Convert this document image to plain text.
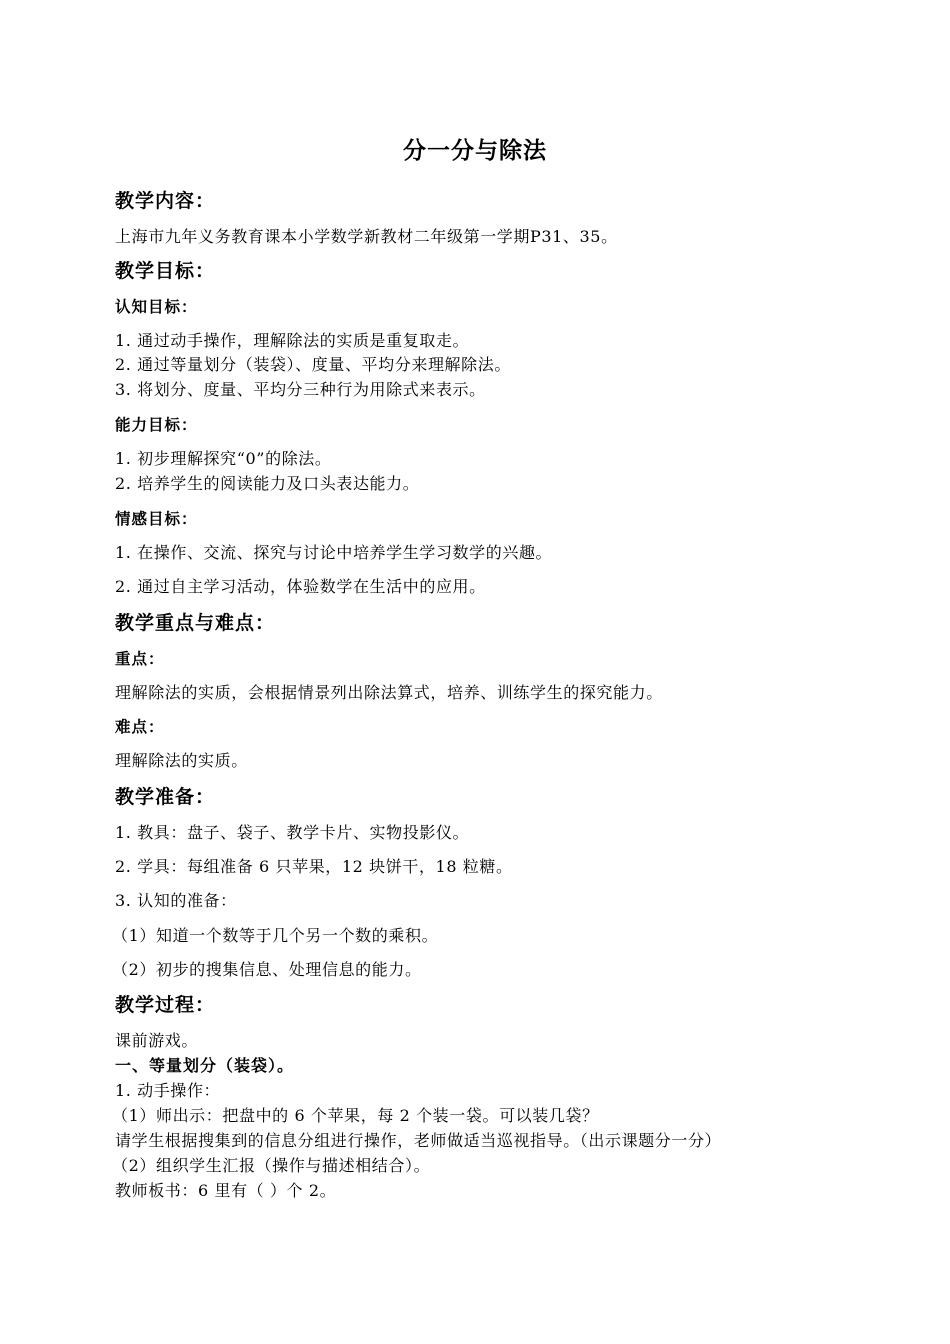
分一分与除法
教学内容：
上海市九年义务教育课本小学数学新教材二年级第一学期P31、35。
教学目标：
认知目标：
1. 通过动手操作，理解除法的实质是重复取走。
2. 通过等量划分（装袋）、度量、平均分来理解除法。
3. 将划分、度量、平均分三种行为用除式来表示。
能力目标：
1. 初步理解探究“0”的除法。
2. 培养学生的阅读能力及口头表达能力。
情感目标：
1. 在操作、交流、探究与讨论中培养学生学习数学的兴趣。
2. 通过自主学习活动，体验数学在生活中的应用。
教学重点与难点：
重点：
理解除法的实质，会根据情景列出除法算式，培养、训练学生的探究能力。
难点：
理解除法的实质。
教学准备：
1. 教具：盘子、袋子、教学卡片、实物投影仪。
2. 学具：每组准备 6 只苹果，12 块饼干，18 粒糖。
3. 认知的准备：
（1）知道一个数等于几个另一个数的乘积。
（2）初步的搜集信息、处理信息的能力。
教学过程：
课前游戏。
一、等量划分（装袋）。
1. 动手操作：
（1）师出示：把盘中的 6 个苹果，每 2 个装一袋。可以装几袋？
请学生根据搜集到的信息分组进行操作，老师做适当巡视指导。（出示课题分一分）
（2）组织学生汇报（操作与描述相结合）。
教师板书：6 里有（ ）个 2。
